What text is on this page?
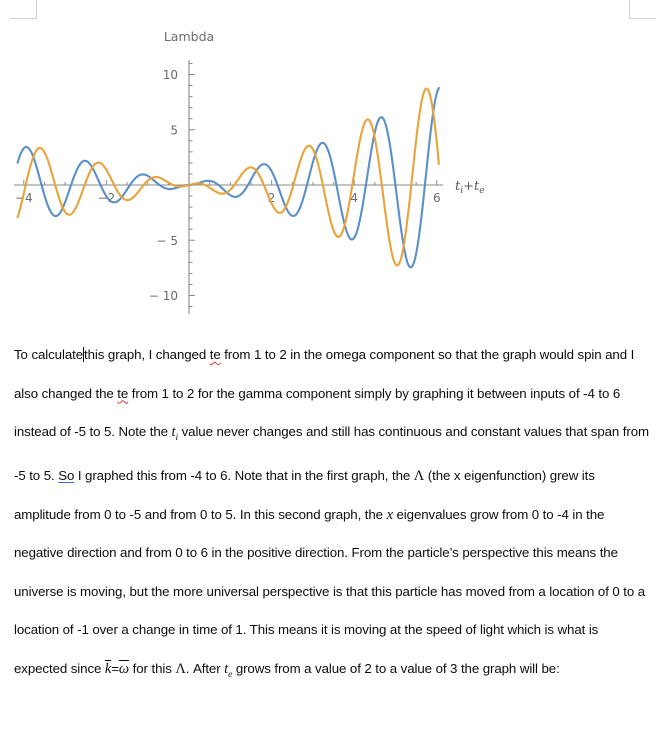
Lambda
−4	−2	2	4	6
− 10
− 5
5
10
$t_i+t_e$

To calculatethis graph, I changed te from 1 to 2 in the omega component so that the graph would spin and I also changed the te from 1 to 2 for the gamma component simply by graphing it between inputs of -4 to 6 instead of -5 to 5. Note the $t_i$ value never changes and still has continuous and constant values that span from -5 to 5. So I graphed this from -4 to 6. Note that in the first graph, the Λ (the x eigenfunction) grew its amplitude from 0 to -5 and from 0 to 5. In this second graph, the x eigenvalues grow from 0 to -4 in the negative direction and from 0 to 6 in the positive direction. From the particle’s perspective this means the universe is moving, but the more universal perspective is that this particle has moved from a location of 0 to a location of -1 over a change in time of 1. This means it is moving at the speed of light which is what is expected since $\overline{k}=\overline{\omega}$ for this Λ. After $t_e$ grows from a value of 2 to a value of 3 the graph will be:
